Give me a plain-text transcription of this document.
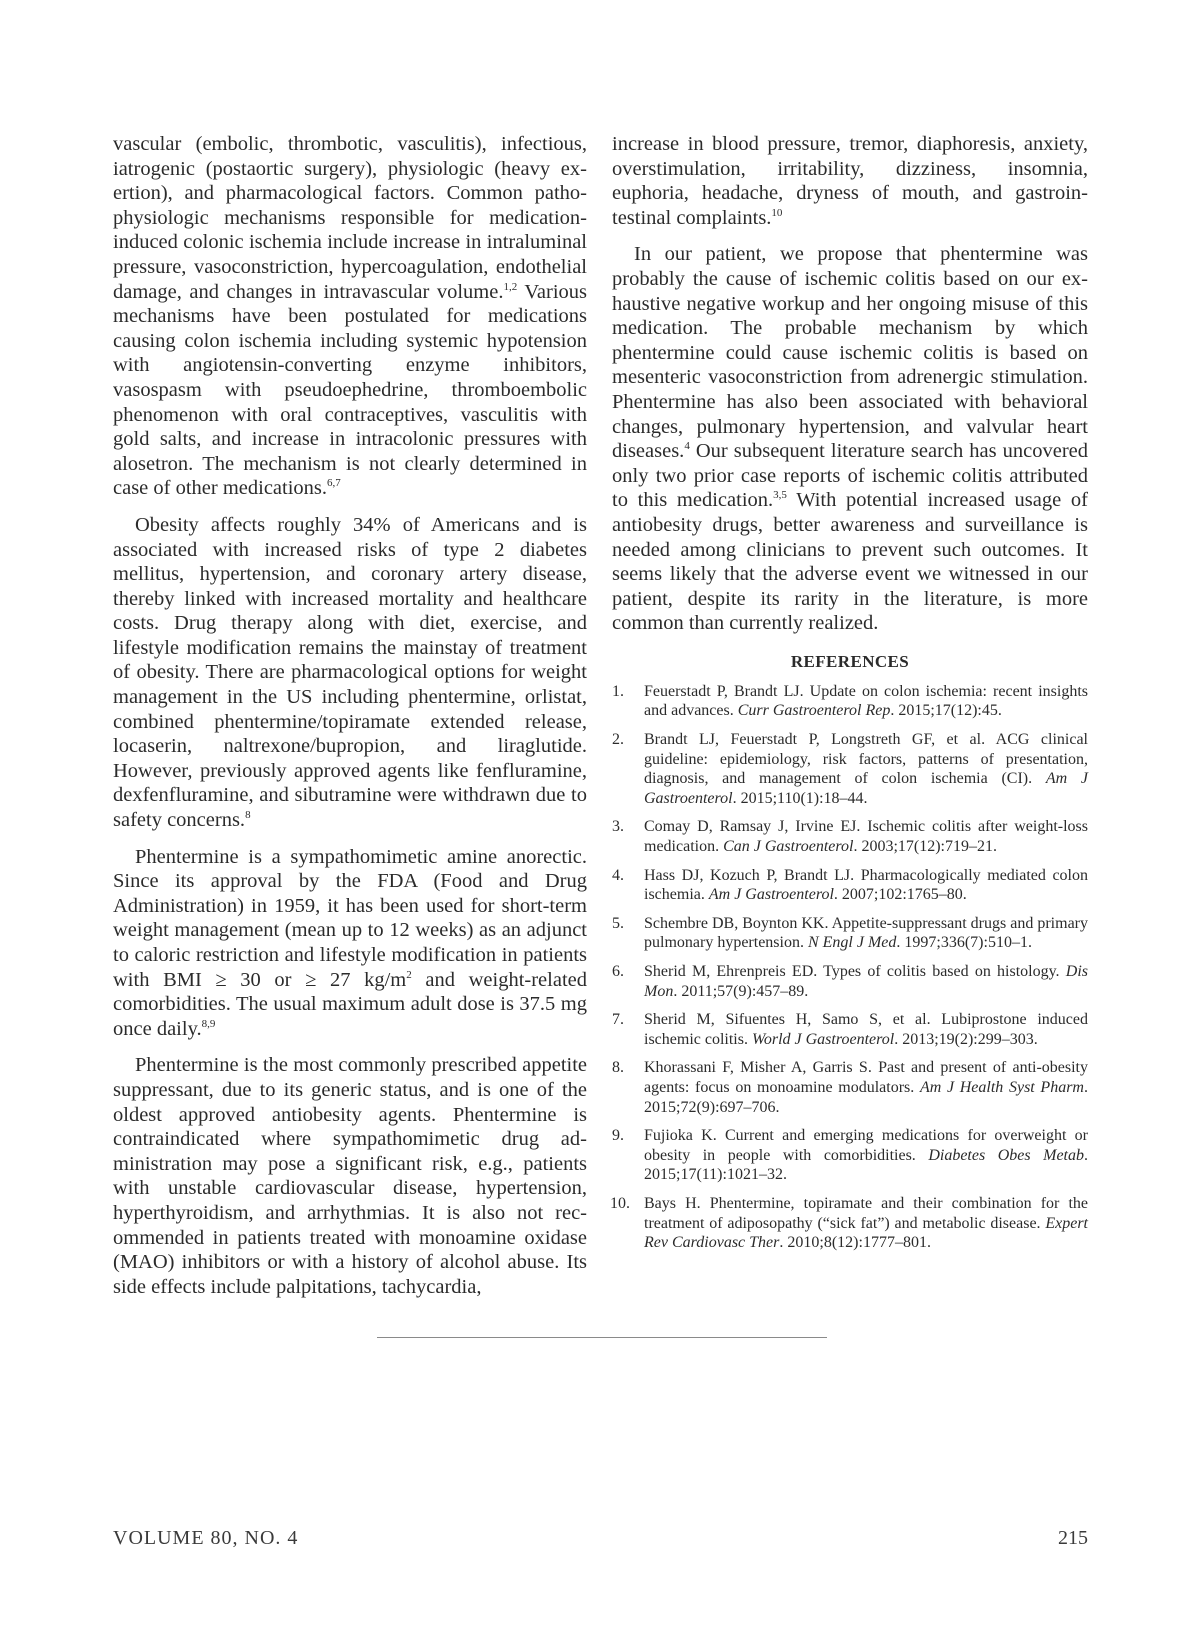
vascular (embolic, thrombotic, vasculitis), infectious, iatrogenic (postaortic surgery), physiologic (heavy exertion), and pharmacological factors. Common pathophysiologic mechanisms responsible for medication-induced colonic ischemia include increase in intraluminal pressure, vasoconstriction, hypercoagulation, endothelial damage, and changes in intravascular volume.$^{1,2}$ Various mechanisms have been postulated for medications causing colon ischemia including systemic hypotension with angiotensin-converting enzyme inhibitors, vasospasm with pseudoephedrine, thromboembolic phenomenon with oral contraceptives, vasculitis with gold salts, and increase in intracolonic pressures with alosetron. The mechanism is not clearly determined in case of other medications.$^{6,7}$

Obesity affects roughly 34% of Americans and is associated with increased risks of type 2 diabetes mellitus, hypertension, and coronary artery disease, thereby linked with increased mortality and healthcare costs. Drug therapy along with diet, exercise, and lifestyle modification remains the mainstay of treatment of obesity. There are pharmacological options for weight management in the US including phentermine, orlistat, combined phentermine/topiramate extended release, locaserin, naltrexone/bupropion, and liraglutide. However, previously approved agents like fenfluramine, dexfenfluramine, and sibutramine were withdrawn due to safety concerns.$^8$

Phentermine is a sympathomimetic amine anorectic. Since its approval by the FDA (Food and Drug Administration) in 1959, it has been used for short-term weight management (mean up to 12 weeks) as an adjunct to caloric restriction and lifestyle modification in patients with BMI ≥ 30 or ≥ 27 $kg/m^2$ and weight-related comorbidities. The usual maximum adult dose is 37.5 mg once daily.$^{8,9}$

Phentermine is the most commonly prescribed appetite suppressant, due to its generic status, and is one of the oldest approved antiobesity agents. Phentermine is contraindicated where sympathomimetic drug administration may pose a significant risk, e.g., patients with unstable cardiovascular disease, hypertension, hyperthyroidism, and arrhythmias. It is also not recommended in patients treated with monoamine oxidase (MAO) inhibitors or with a history of alcohol abuse. Its side effects include palpitations, tachycardia,

increase in blood pressure, tremor, diaphoresis, anxiety, overstimulation, irritability, dizziness, insomnia, euphoria, headache, dryness of mouth, and gastrointestinal complaints.$^{10}$

In our patient, we propose that phentermine was probably the cause of ischemic colitis based on our exhaustive negative workup and her ongoing misuse of this medication. The probable mechanism by which phentermine could cause ischemic colitis is based on mesenteric vasoconstriction from adrenergic stimulation. Phentermine has also been associated with behavioral changes, pulmonary hypertension, and valvular heart diseases.$^4$ Our subsequent literature search has uncovered only two prior case reports of ischemic colitis attributed to this medication.$^{3,5}$ With potential increased usage of antiobesity drugs, better awareness and surveillance is needed among clinicians to prevent such outcomes. It seems likely that the adverse event we witnessed in our patient, despite its rarity in the literature, is more common than currently realized.

REFERENCES
1.	Feuerstadt P, Brandt LJ. Update on colon ischemia: recent insights and advances. Curr Gastroenterol Rep. 2015;17(12):45.
2.	Brandt LJ, Feuerstadt P, Longstreth GF, et al. ACG clinical guideline: epidemiology, risk factors, patterns of presentation, diagnosis, and management of colon ischemia (CI). Am J Gastroenterol. 2015;110(1):18–44.
3.	Comay D, Ramsay J, Irvine EJ. Ischemic colitis after weight-loss medication. Can J Gastroenterol. 2003;17(12):719–21.
4.	Hass DJ, Kozuch P, Brandt LJ. Pharmacologically mediated colon ischemia. Am J Gastroenterol. 2007;102:1765–80.
5.	Schembre DB, Boynton KK. Appetite-suppressant drugs and primary pulmonary hypertension. N Engl J Med. 1997;336(7):510–1.
6.	Sherid M, Ehrenpreis ED. Types of colitis based on histology. Dis Mon. 2011;57(9):457–89.
7.	Sherid M, Sifuentes H, Samo S, et al. Lubiprostone induced ischemic colitis. World J Gastroenterol. 2013;19(2):299–303.
8.	Khorassani F, Misher A, Garris S. Past and present of anti-obesity agents: focus on monoamine modulators. Am J Health Syst Pharm. 2015;72(9):697–706.
9.	Fujioka K. Current and emerging medications for overweight or obesity in people with comorbidities. Diabetes Obes Metab. 2015;17(11):1021–32.
10. Bays H. Phentermine, topiramate and their combination for the treatment of adiposopathy (“sick fat”) and metabolic disease. Expert Rev Cardiovasc Ther. 2010;8(12):1777–801.
VOLUME 80, NO. 4	215
